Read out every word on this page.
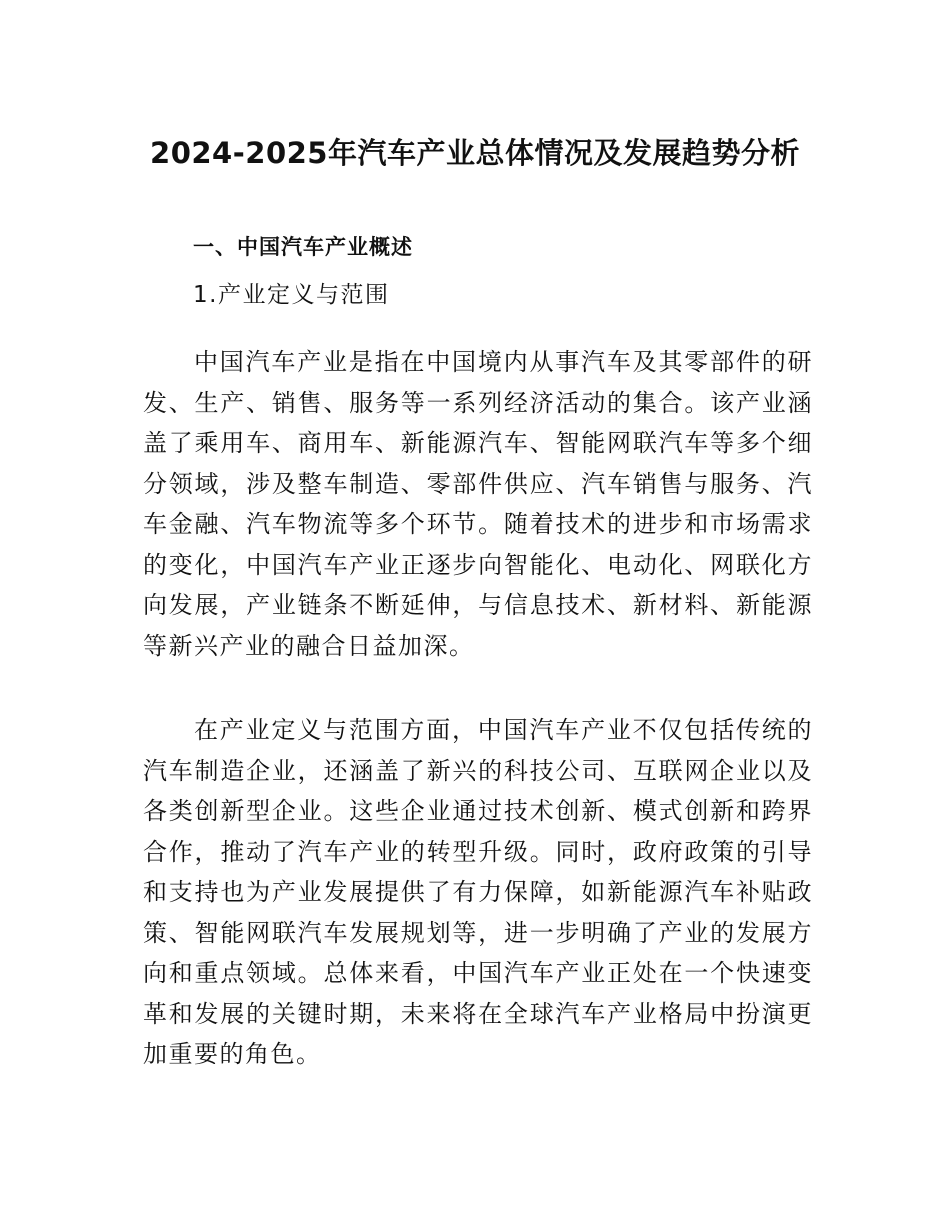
2024-2025年汽车产业总体情况及发展趋势分析
一、中国汽车产业概述
1.产业定义与范围

中国汽车产业是指在中国境内从事汽车及其零部件的研发、生产、销售、服务等一系列经济活动的集合。该产业涵盖了乘用车、商用车、新能源汽车、智能网联汽车等多个细分领域，涉及整车制造、零部件供应、汽车销售与服务、汽车金融、汽车物流等多个环节。随着技术的进步和市场需求的变化，中国汽车产业正逐步向智能化、电动化、网联化方向发展，产业链条不断延伸，与信息技术、新材料、新能源等新兴产业的融合日益加深。

在产业定义与范围方面，中国汽车产业不仅包括传统的汽车制造企业，还涵盖了新兴的科技公司、互联网企业以及各类创新型企业。这些企业通过技术创新、模式创新和跨界合作，推动了汽车产业的转型升级。同时，政府政策的引导和支持也为产业发展提供了有力保障，如新能源汽车补贴政策、智能网联汽车发展规划等，进一步明确了产业的发展方向和重点领域。总体来看，中国汽车产业正处在一个快速变革和发展的关键时期，未来将在全球汽车产业格局中扮演更加重要的角色。
